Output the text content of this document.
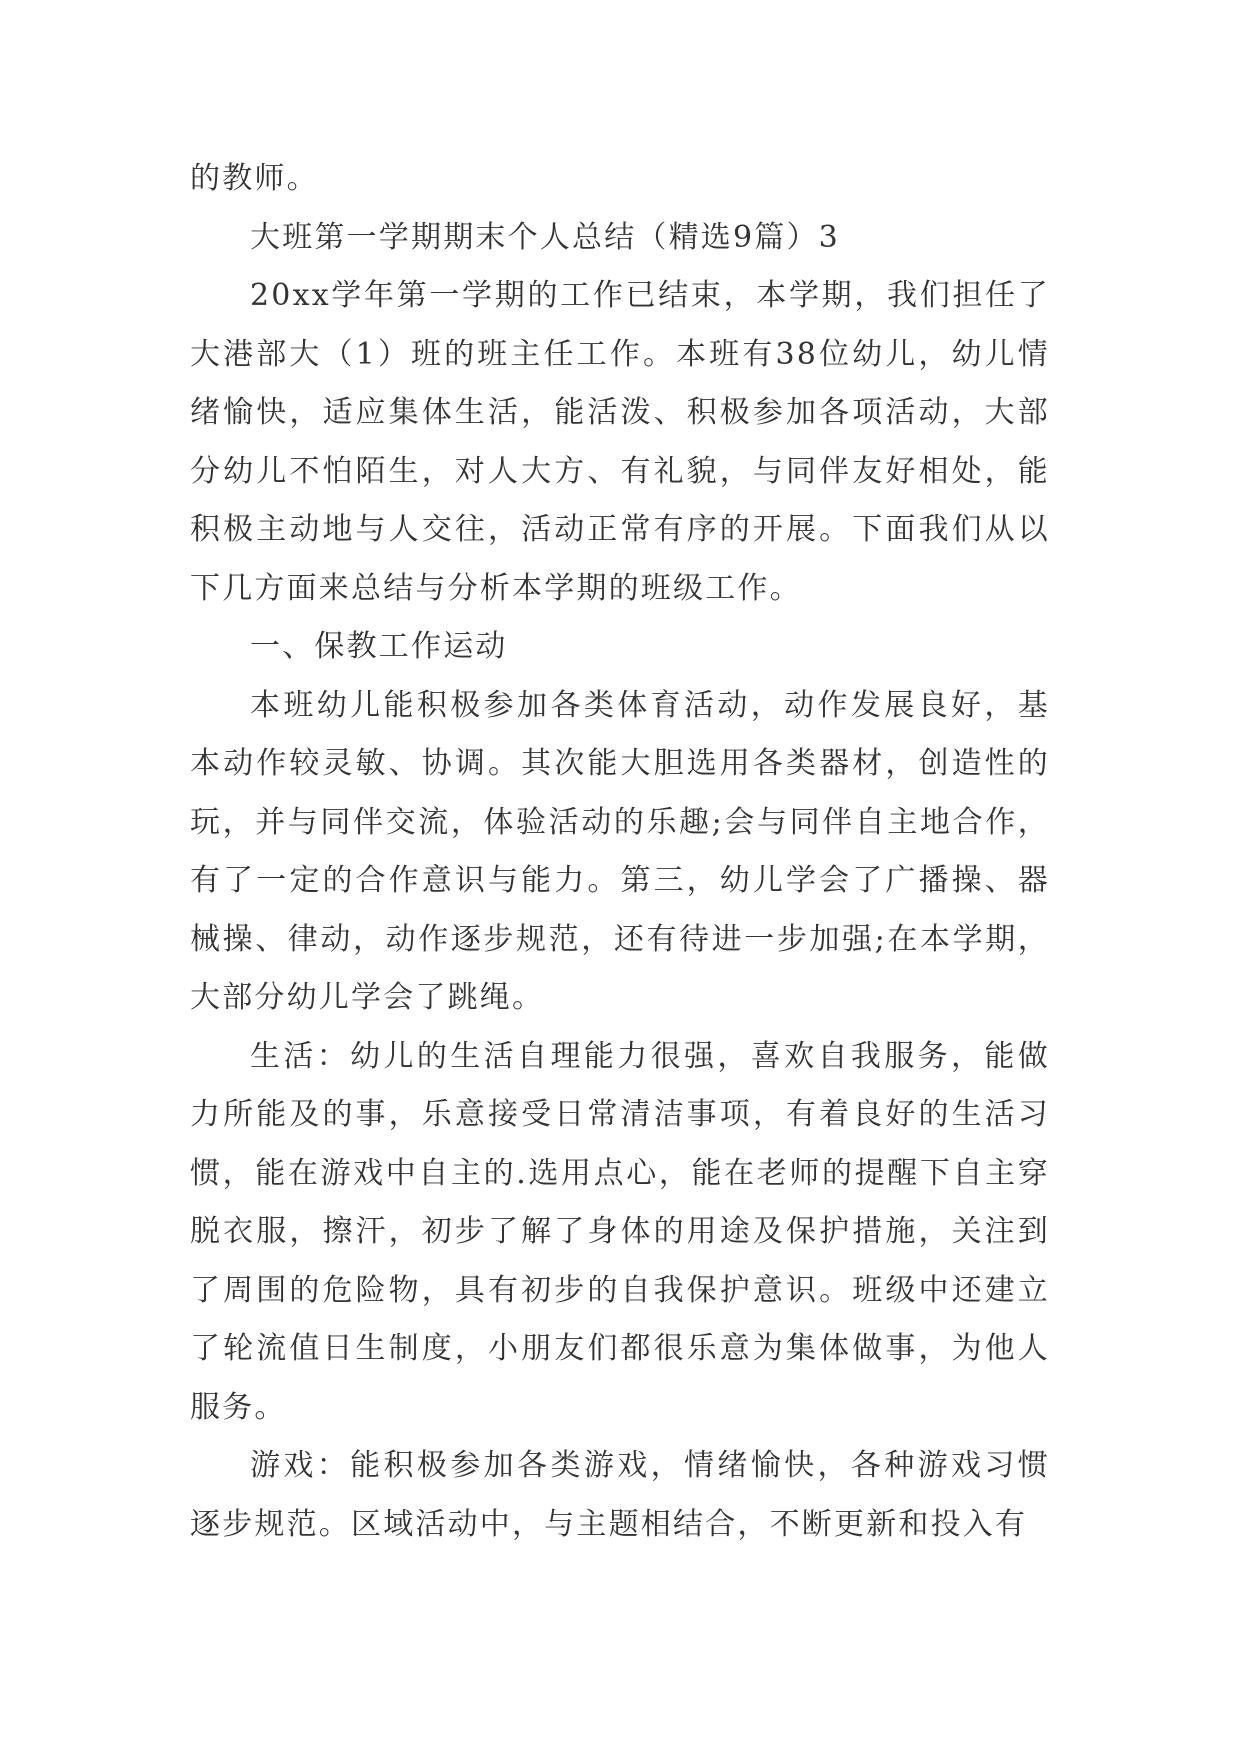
的教师。

大班第一学期期末个人总结（精选9篇）3

20xx学年第一学期的工作已结束，本学期，我们担任了大港部大（1）班的班主任工作。本班有38位幼儿，幼儿情绪愉快，适应集体生活，能活泼、积极参加各项活动，大部分幼儿不怕陌生，对人大方、有礼貌，与同伴友好相处，能积极主动地与人交往，活动正常有序的开展。下面我们从以下几方面来总结与分析本学期的班级工作。

一、保教工作运动

本班幼儿能积极参加各类体育活动，动作发展良好，基本动作较灵敏、协调。其次能大胆选用各类器材，创造性的玩，并与同伴交流，体验活动的乐趣;会与同伴自主地合作，有了一定的合作意识与能力。第三，幼儿学会了广播操、器械操、律动，动作逐步规范，还有待进一步加强;在本学期，大部分幼儿学会了跳绳。

生活：幼儿的生活自理能力很强，喜欢自我服务，能做力所能及的事，乐意接受日常清洁事项，有着良好的生活习惯，能在游戏中自主的.选用点心，能在老师的提醒下自主穿脱衣服，擦汗，初步了解了身体的用途及保护措施，关注到了周围的危险物，具有初步的自我保护意识。班级中还建立了轮流值日生制度，小朋友们都很乐意为集体做事，为他人服务。

游戏：能积极参加各类游戏，情绪愉快，各种游戏习惯逐步规范。区域活动中，与主题相结合，不断更新和投入有
